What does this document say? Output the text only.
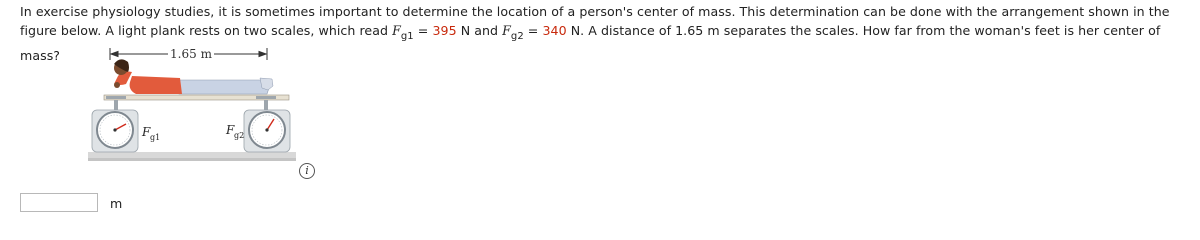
In exercise physiology studies, it is sometimes important to determine the location of a person's center of mass. This determination can be done with the arrangement shown in the figure below. A light plank rests on two scales, which read $F_{g1} = 395$ N and $F_{g2} = 340$ N. A distance of 1.65 m separates the scales. How far from the woman's feet is her center of mass?	1.65 m
F g1
F g2
i
m
